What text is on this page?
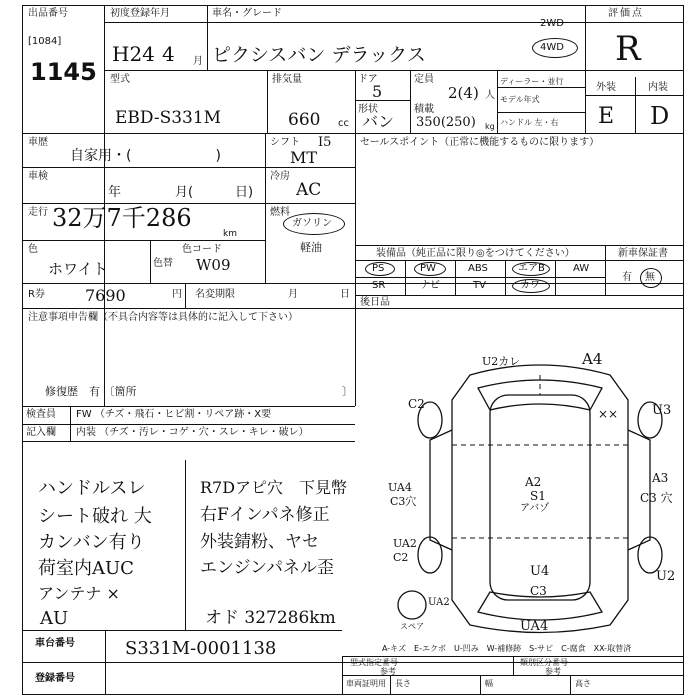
出品番号
[1084]
1145
初度登録年月
H24 4 月
車名・グレード
ピクシスバン デラックス
2WD
4WD
評価点
R
型式
EBD-S331M
排気量
660 cc
ドア
5
形状
バン
定員
2(4) 人
積載
350(250) kg
ディーラー・並行
モデル年式
ハンドル 左・右
外装	内装
E D
車歴
自家用・(　　　　　　)
シフト I5
MT
車検
年	月(	日)
冷房
AC
走行 32万7千286
km
燃料
ガソリン
軽油
色
ホワイト	色替
色コード
W09
R券	7690	円 名変期限	月	日
セールスポイント（正常に機能するものに限ります）
装備品（純正品に限り◎をつけてください）	新車保証書
PS	PW	ABS	エアB	AW
SR	ナビ	TV	カワ
有 無
後日品
注意事項申告欄（不具合内容等は具体的に記入して下さい）
修復歴　有 〔箇所	〕
検査員
記入欄
FW （チズ・飛石・ヒビ割・リペア跡・X要
内装 （チズ・汚レ・コゲ・穴・スレ・キレ・破レ）
ハンドルスレ
シート破れ 大
カンバン有り
荷室内AUC
アンテナ ×
AU
R7Dアピ穴　下見幣
右Fインパネ修正
外装錆粉、ヤセ
エンジンパネル歪
オド 327286km
U2カレ	A4
C2
××	U3
UA4
C3穴
A3
C3 穴
A2
S1
アバゾ
UA2
C2
U4
C3
U2
UA2
スペア	UA4
A-キズ　E-エクボ　U-凹み　W-補修跡　S-サビ　C-腐食　XX-取替済
車台番号	S331M-0001138
登録番号
型式指定番号
参考
類別区分番号
参考
車両証明用 長さ	幅	高さ
